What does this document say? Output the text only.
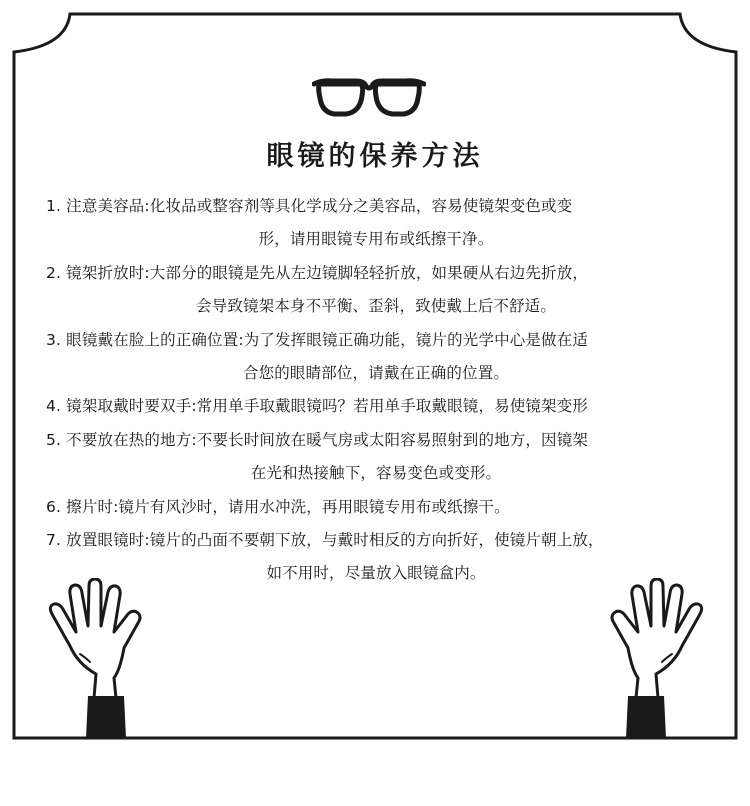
眼镜的保养方法
1. 注意美容品:化妆品或整容剂等具化学成分之美容品，容易使镜架变色或变
形，请用眼镜专用布或纸擦干净。
2. 镜架折放时:大部分的眼镜是先从左边镜脚轻轻折放，如果硬从右边先折放，
会导致镜架本身不平衡、歪斜，致使戴上后不舒适。
3. 眼镜戴在脸上的正确位置:为了发挥眼镜正确功能，镜片的光学中心是做在适
合您的眼睛部位，请戴在正确的位置。
4. 镜架取戴时要双手:常用单手取戴眼镜吗？若用单手取戴眼镜，易使镜架变形
5. 不要放在热的地方:不要长时间放在暖气房或太阳容易照射到的地方，因镜架
在光和热接触下，容易变色或变形。
6. 擦片时:镜片有风沙时，请用水冲洗，再用眼镜专用布或纸擦干。
7. 放置眼镜时:镜片的凸面不要朝下放，与戴时相反的方向折好，使镜片朝上放，
如不用时，尽量放入眼镜盒内。
